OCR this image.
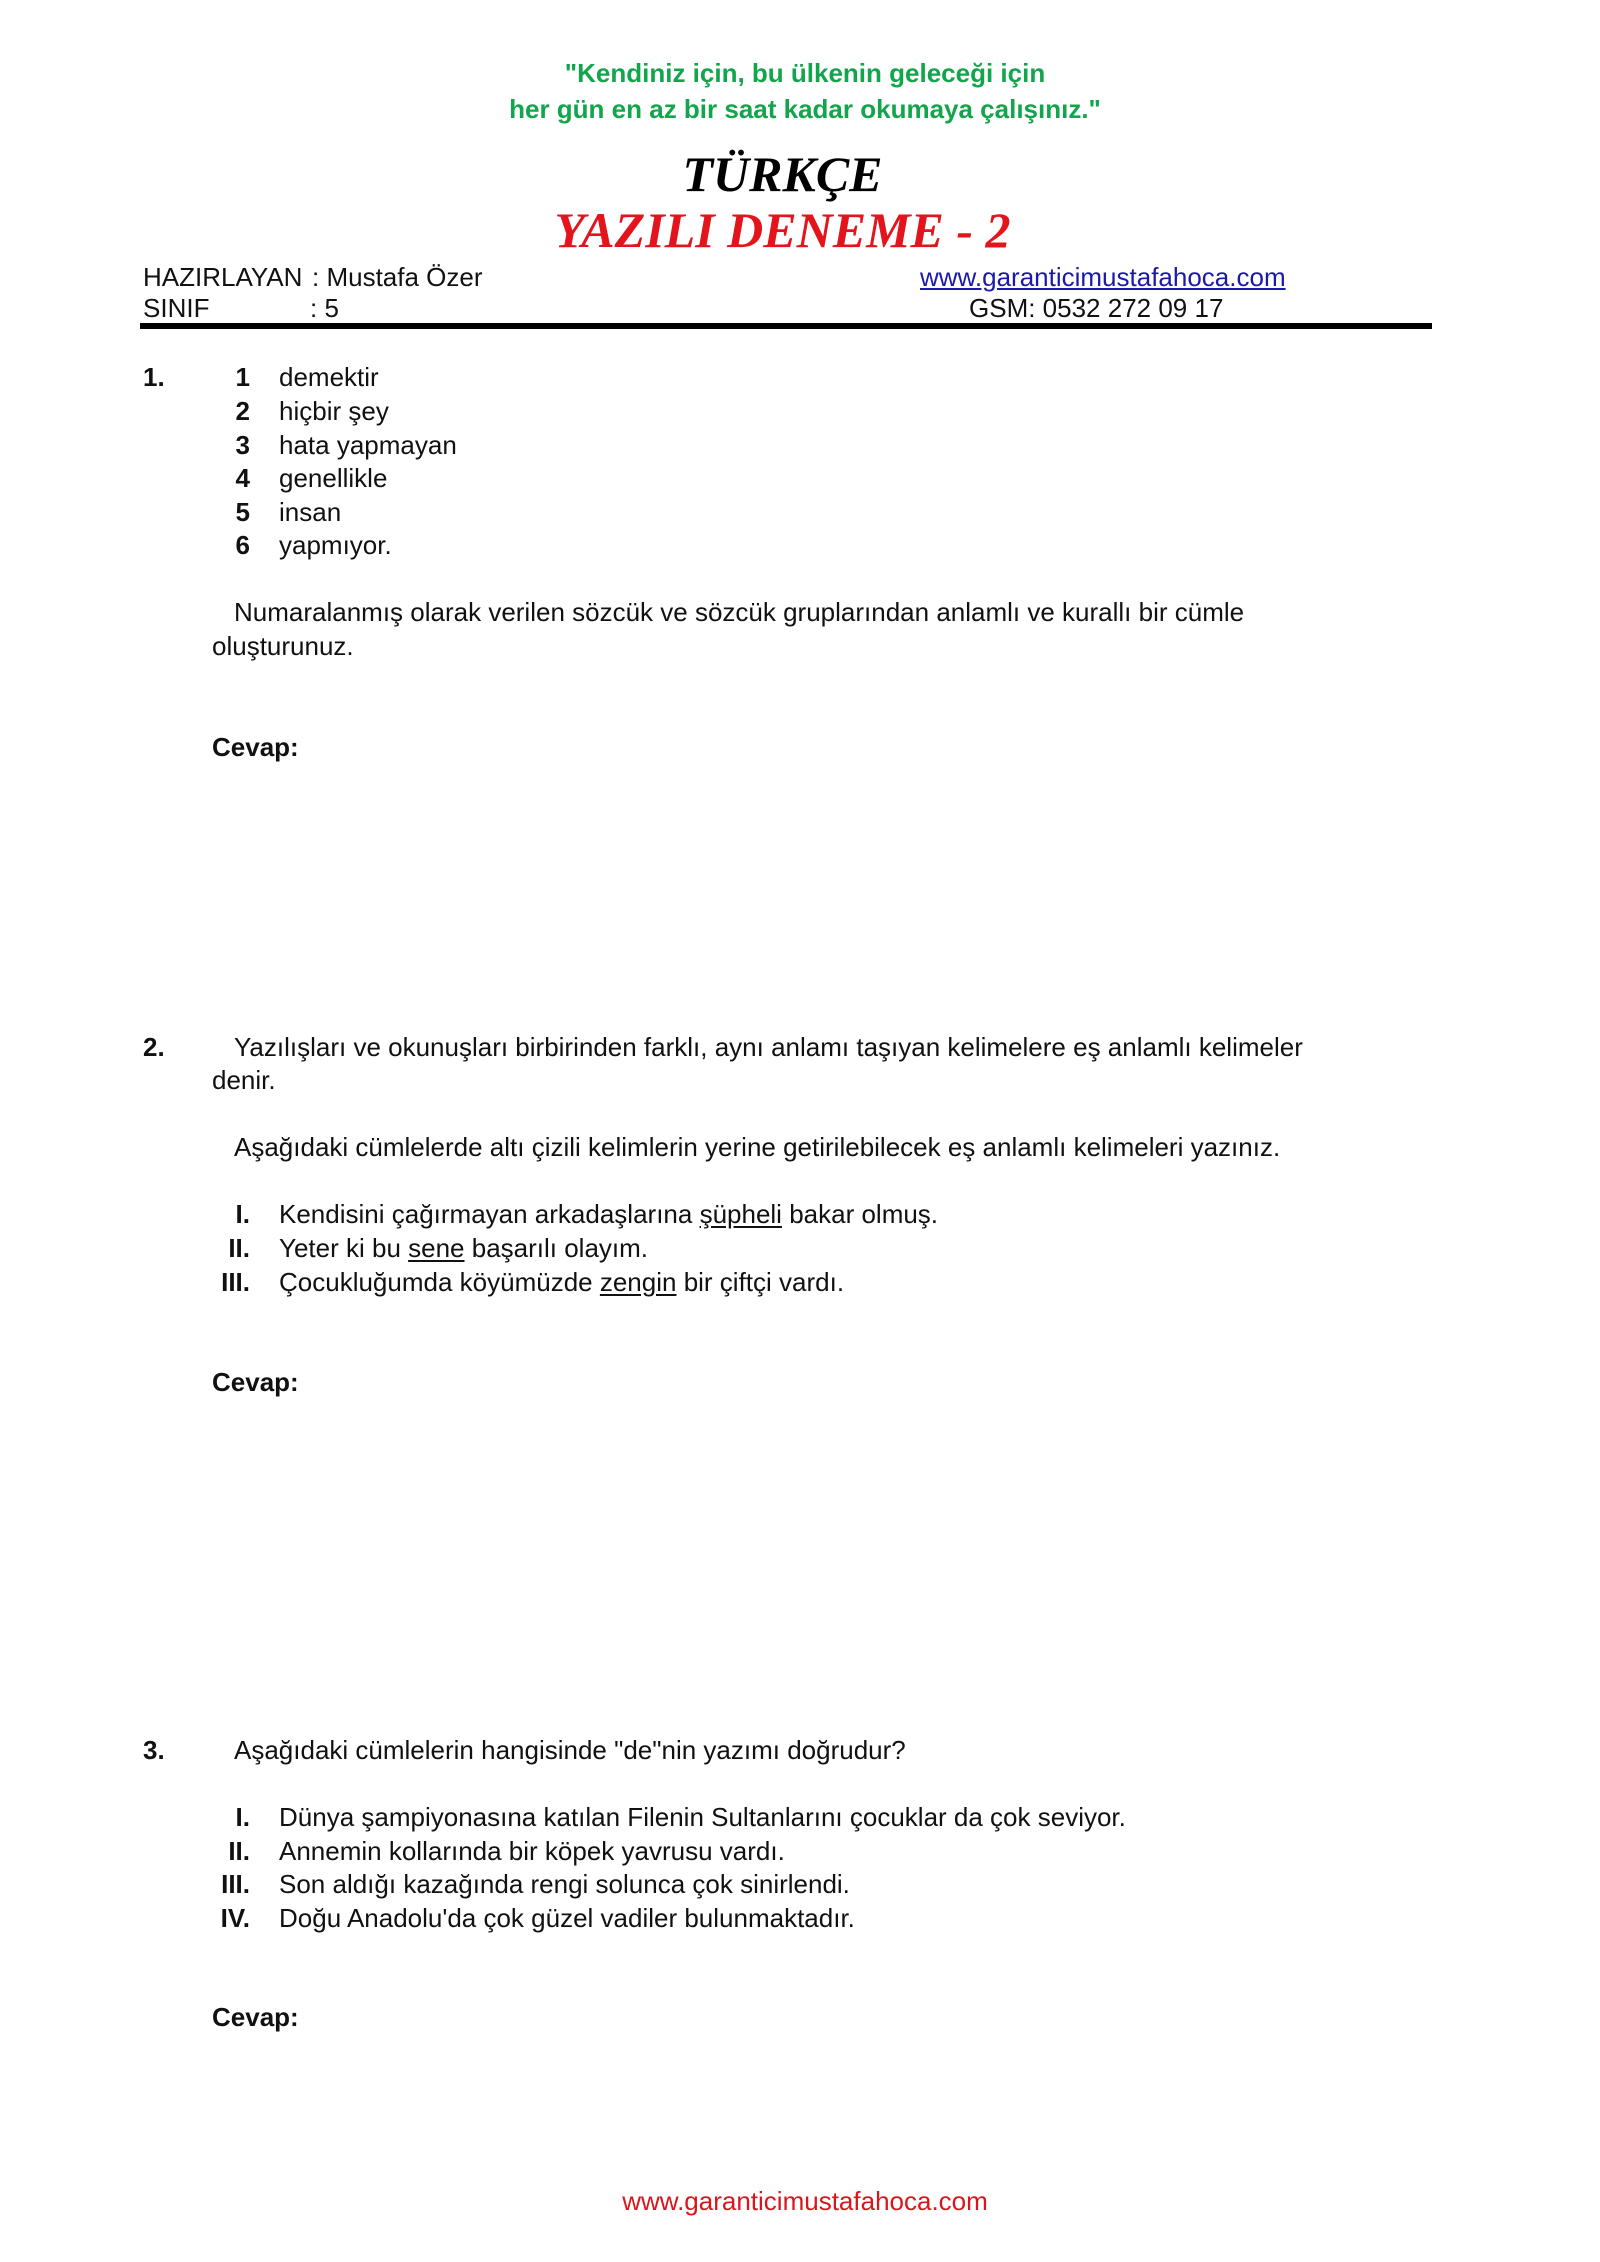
"Kendiniz için, bu ülkenin geleceği için
her gün en az bir saat kadar okumaya çalışınız."
TÜRKÇE
YAZILI DENEME - 2
HAZIRLAYAN : Mustafa Özer
SINIF	: 5
www.garanticimustafahoca.com
GSM: 0532 272 09 17
1.	1 demektir
2 hiçbir şey
3 hata yapmayan
4 genellikle
5 insan
6 yapmıyor.
Numaralanmış olarak verilen sözcük ve sözcük gruplarından anlamlı ve kurallı bir cümle
oluşturunuz.
Cevap:
2.	Yazılışları ve okunuşları birbirinden farklı, aynı anlamı taşıyan kelimelere eş anlamlı kelimeler
denir.
Aşağıdaki cümlelerde altı çizili kelimlerin yerine getirilebilecek eş anlamlı kelimeleri yazınız.
I. Kendisini çağırmayan arkadaşlarına şüpheli bakar olmuş.
II. Yeter ki bu sene başarılı olayım.
III. Çocukluğumda köyümüzde zengin bir çiftçi vardı.
Cevap:
3.	Aşağıdaki cümlelerin hangisinde "de"nin yazımı doğrudur?
I. Dünya şampiyonasına katılan Filenin Sultanlarını çocuklar da çok seviyor.
II. Annemin kollarında bir köpek yavrusu vardı.
III. Son aldığı kazağında rengi solunca çok sinirlendi.
IV. Doğu Anadolu'da çok güzel vadiler bulunmaktadır.
Cevap:
www.garanticimustafahoca.com
